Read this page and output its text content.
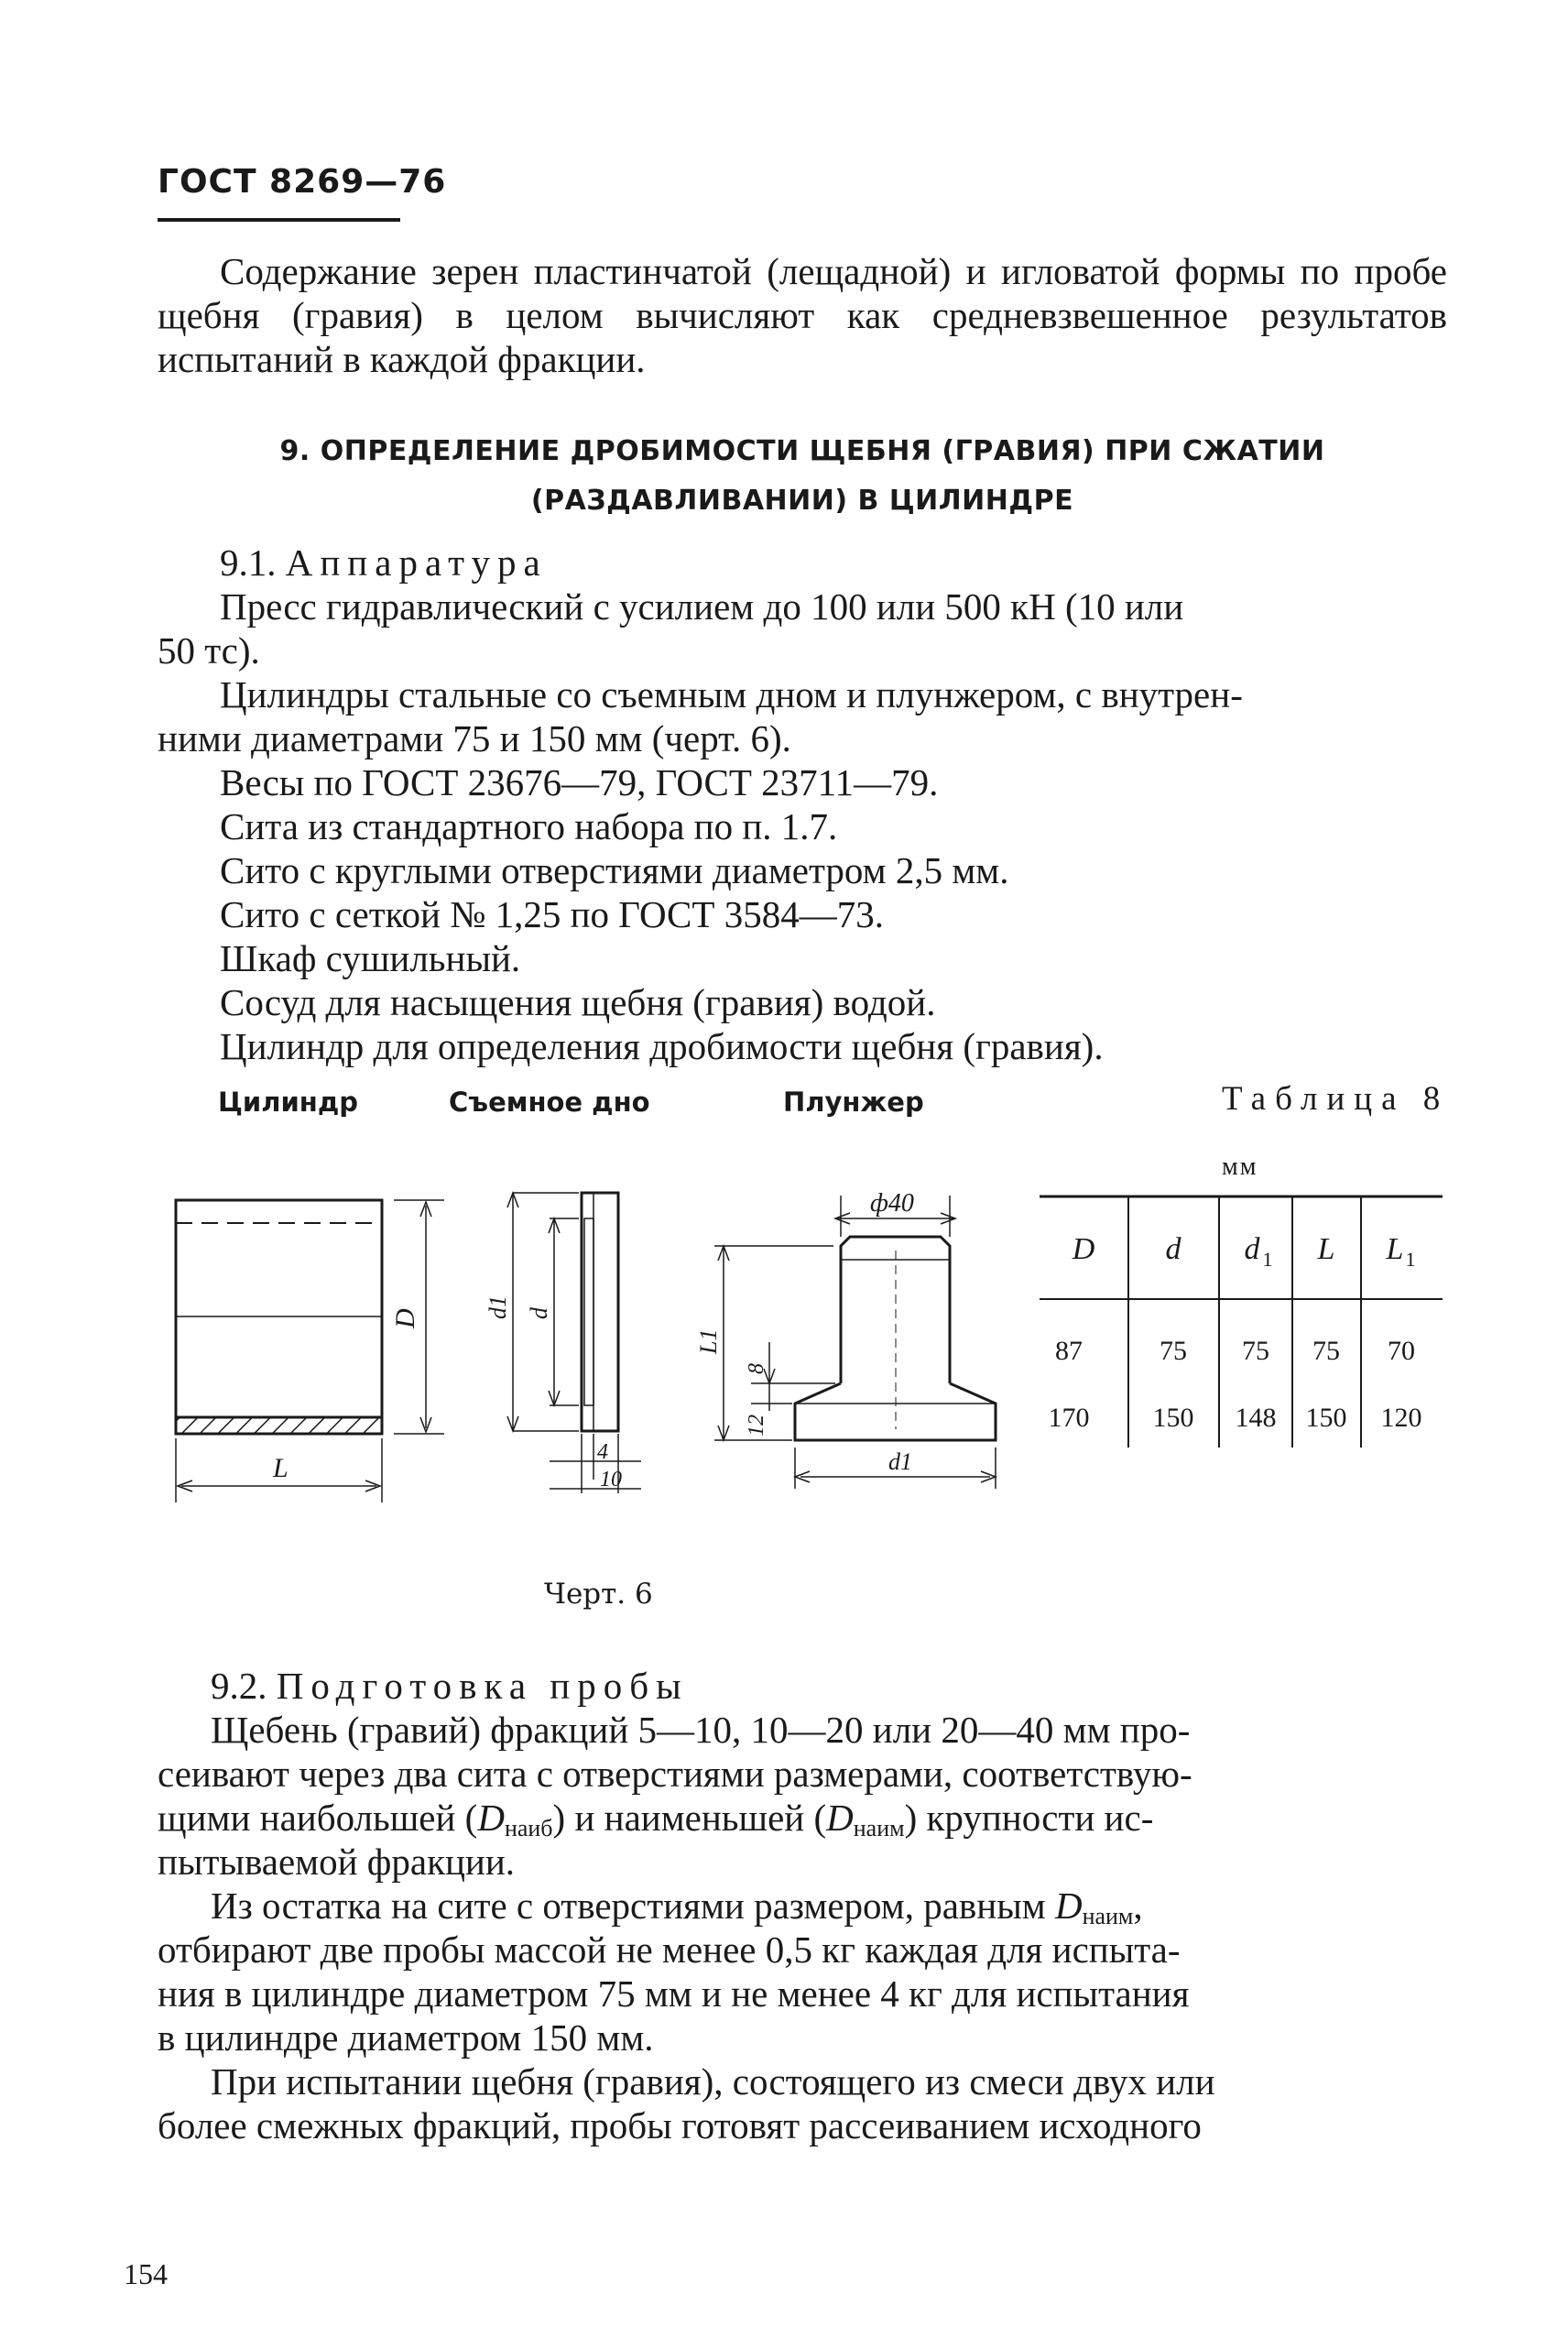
ГОСТ 8269—76
Содержание зерен пластинчатой (лещадной) и игловатой формы по пробе щебня (гравия) в целом вычисляют как средневзвешенное результатов испытаний в каждой фракции.
9. ОПРЕДЕЛЕНИЕ ДРОБИМОСТИ ЩЕБНЯ (ГРАВИЯ) ПРИ СЖАТИИ
(РАЗДАВЛИВАНИИ) В ЦИЛИНДРЕ
9.1. Аппаратура
Пресс гидравлический с усилием до 100 или 500 кН (10 или
50 тс).
Цилиндры стальные со съемным дном и плунжером, с внутрен-
ними диаметрами 75 и 150 мм (черт. 6).
Весы по ГОСТ 23676—79, ГОСТ 23711—79.
Сита из стандартного набора по п. 1.7.
Сито с круглыми отверстиями диаметром 2,5 мм.
Сито с сеткой № 1,25 по ГОСТ 3584—73.
Шкаф сушильный.
Сосуд для насыщения щебня (гравия) водой.
Цилиндр для определения дробимости щебня (гравия).
Цилиндр	Съемное дно	Плунжер
D
L
d1 d
4
10
ф40
L1
8
12
d1
Таблица 8
мм
D d d 1 L L 1
87	75 75 75 70
170 150 148 150 120
Черт. 6
9.2. Подготовка пробы
Щебень (гравий) фракций 5—10, 10—20 или 20—40 мм про-
сеивают через два сита с отверстиями размерами, соответствую-
щими наибольшей $(D_{наиб})$ и наименьшей $(D_{наим})$ крупности ис-
пытываемой фракции.
Из остатка на сите с отверстиями размером, равным $D_{наим}$,
отбирают две пробы массой не менее 0,5 кг каждая для испыта-
ния в цилиндре диаметром 75 мм и не менее 4 кг для испытания
в цилиндре диаметром 150 мм.
При испытании щебня (гравия), состоящего из смеси двух или
более смежных фракций, пробы готовят рассеиванием исходного
154
